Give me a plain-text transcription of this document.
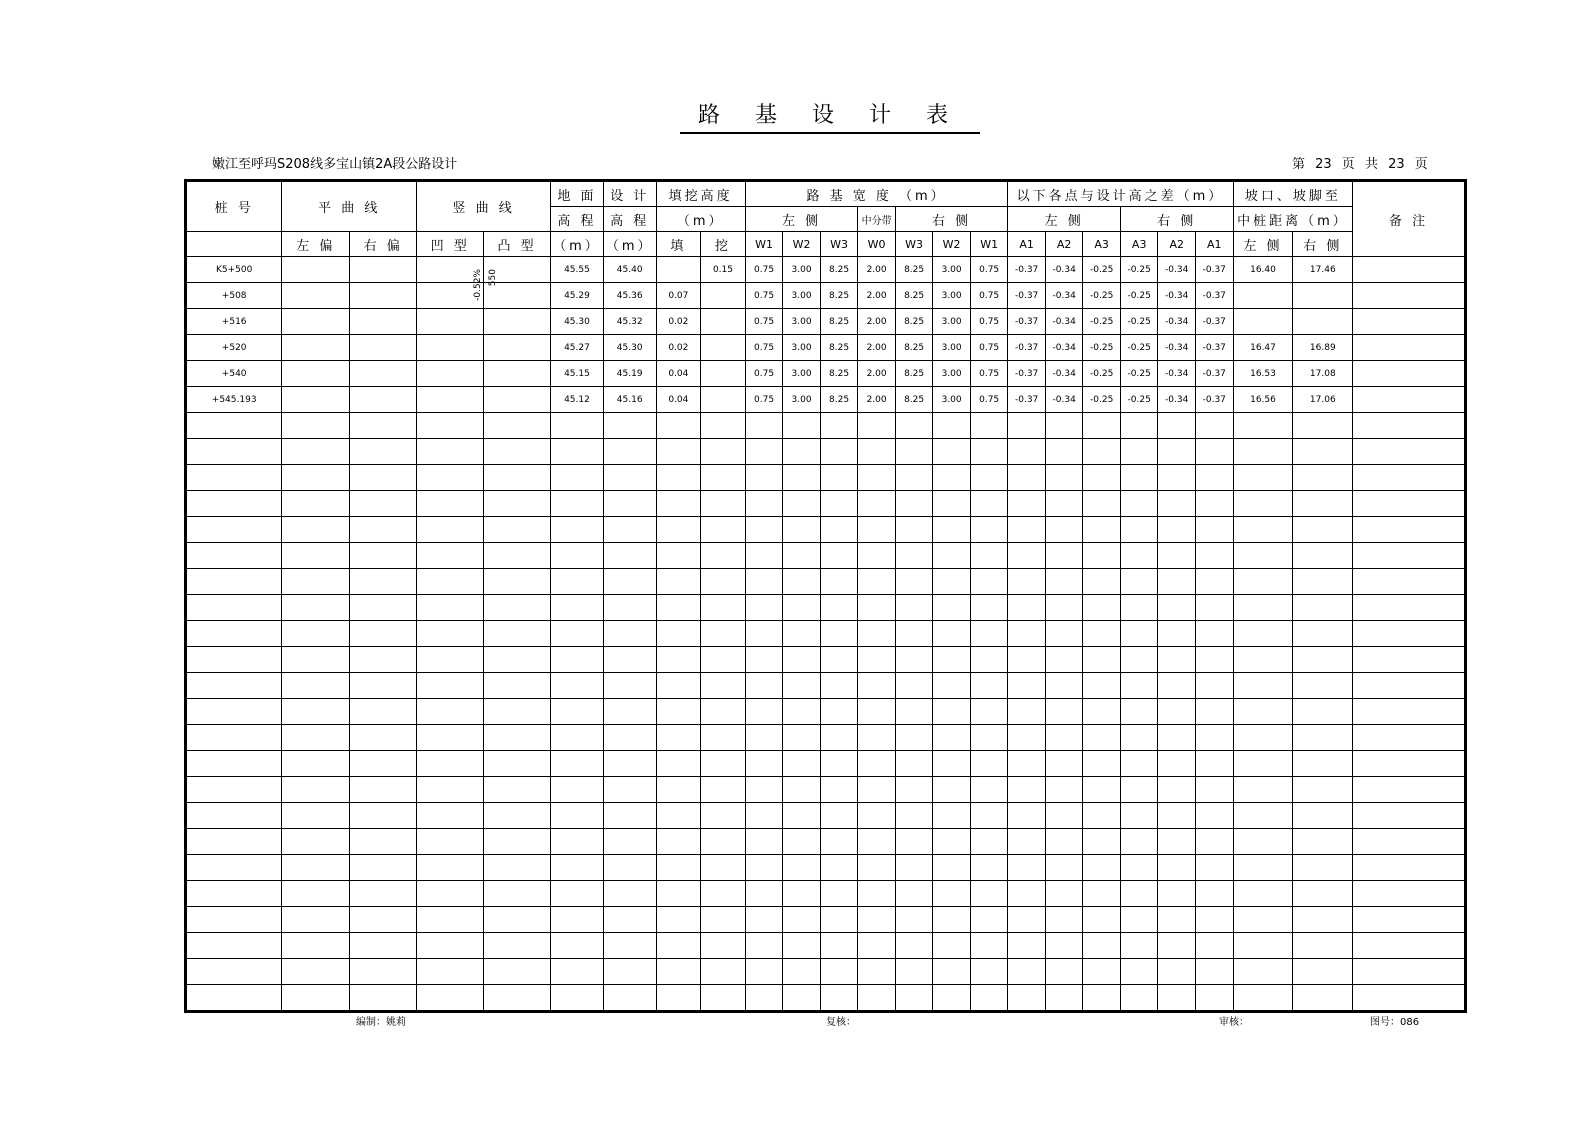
路 基 设 计 表
嫩江至呼玛S208线多宝山镇2A段公路设计	第 23 页 共 23 页
桩 号	平 曲 线		竖 曲 线		地 面	设 计	填挖高度		路 基 宽 度 （m）							以下各点与设计高之差（m）						坡口、坡脚至		备 注
					高 程	高 程	（m）		左 侧			中分带	右 侧			左 侧			右 侧			中桩距离（m）		
	左 偏	右 偏	凹 型	凸 型	（m）	（m）	填	挖	W1	W2	W3	W0	W3	W2	W1	A1	A2	A3	A3	A2	A1	左 侧	右 侧	
K5+500			-0.52%	550	45.55	45.40		0.15	0.75	3.00	8.25	2.00	8.25	3.00	0.75	-0.37	-0.34	-0.25	-0.25	-0.34	-0.37	16.40	17.46	
+508					45.29	45.36	0.07		0.75	3.00	8.25	2.00	8.25	3.00	0.75	-0.37	-0.34	-0.25	-0.25	-0.34	-0.37			
+516					45.30	45.32	0.02		0.75	3.00	8.25	2.00	8.25	3.00	0.75	-0.37	-0.34	-0.25	-0.25	-0.34	-0.37			
+520					45.27	45.30	0.02		0.75	3.00	8.25	2.00	8.25	3.00	0.75	-0.37	-0.34	-0.25	-0.25	-0.34	-0.37	16.47	16.89	
+540					45.15	45.19	0.04		0.75	3.00	8.25	2.00	8.25	3.00	0.75	-0.37	-0.34	-0.25	-0.25	-0.34	-0.37	16.53	17.08	
+545.193					45.12	45.16	0.04		0.75	3.00	8.25	2.00	8.25	3.00	0.75	-0.37	-0.34	-0.25	-0.25	-0.34	-0.37	16.56	17.06	

编制：姚莉	复核：	审核：	图号：086
